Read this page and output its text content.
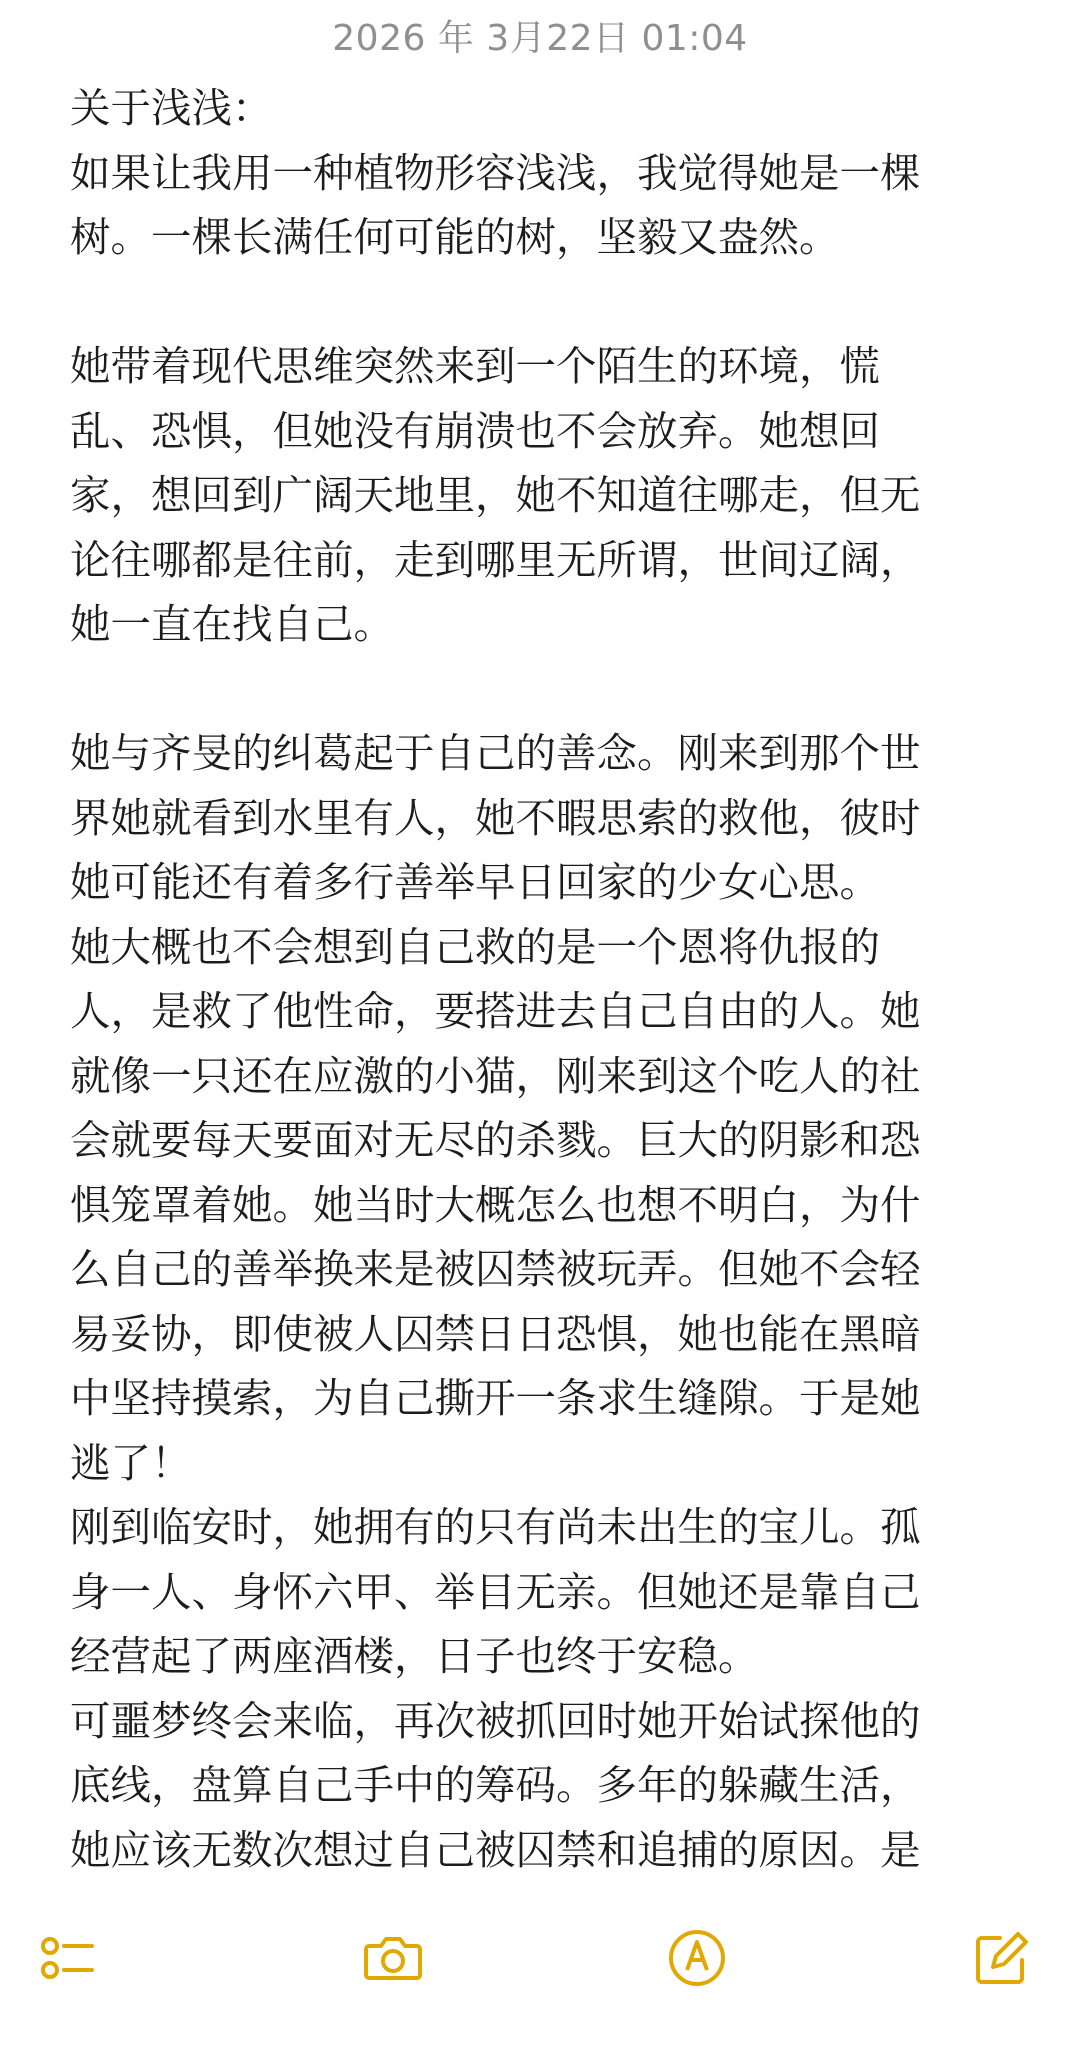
2026 年 3月22日 01:04
关于浅浅：
如果让我用一种植物形容浅浅，我觉得她是一棵
树。一棵长满任何可能的树，坚毅又盎然。
她带着现代思维突然来到一个陌生的环境，慌
乱、恐惧，但她没有崩溃也不会放弃。她想回
家，想回到广阔天地里，她不知道往哪走，但无
论往哪都是往前，走到哪里无所谓，世间辽阔，
她一直在找自己。
她与齐旻的纠葛起于自己的善念。刚来到那个世
界她就看到水里有人，她不暇思索的救他，彼时
她可能还有着多行善举早日回家的少女心思。
她大概也不会想到自己救的是一个恩将仇报的
人，是救了他性命，要搭进去自己自由的人。她
就像一只还在应激的小猫，刚来到这个吃人的社
会就要每天要面对无尽的杀戮。巨大的阴影和恐
惧笼罩着她。她当时大概怎么也想不明白，为什
么自己的善举换来是被囚禁被玩弄。但她不会轻
易妥协，即使被人囚禁日日恐惧，她也能在黑暗
中坚持摸索，为自己撕开一条求生缝隙。于是她
逃了！
刚到临安时，她拥有的只有尚未出生的宝儿。孤
身一人、身怀六甲、举目无亲。但她还是靠自己
经营起了两座酒楼，日子也终于安稳。
可噩梦终会来临，再次被抓回时她开始试探他的
底线，盘算自己手中的筹码。多年的躲藏生活，
她应该无数次想过自己被囚禁和追捕的原因。是
